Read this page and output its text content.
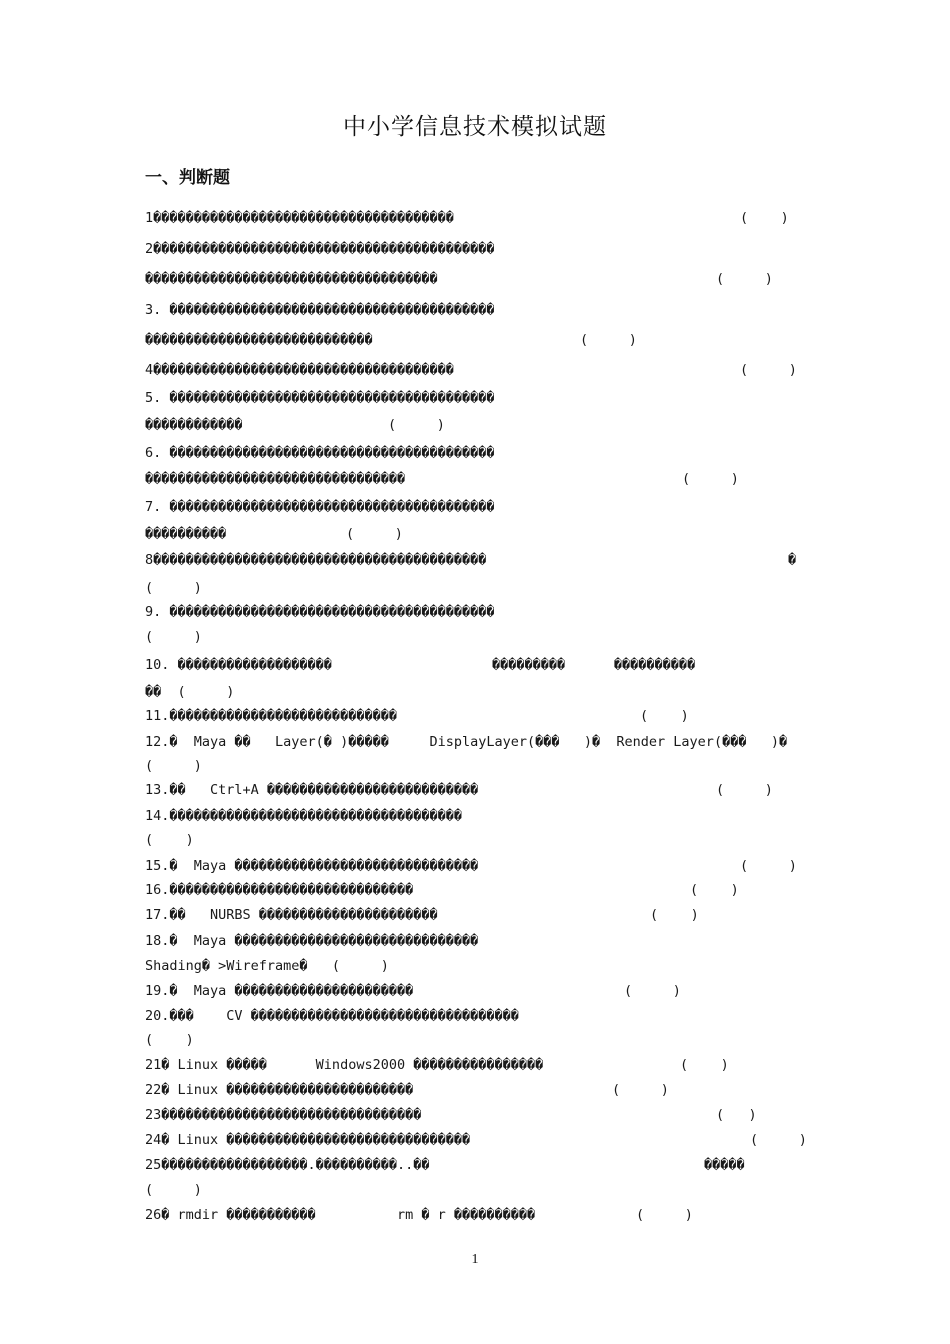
中小学信息技术模拟试题
一、判断题
1�������������������������������������	(    )
2������������������������������������������
������������������������������������	(     )
3. ����������������������������������������
����������������������������	(     )
4�������������������������������������	(     )
5. ����������������������������������������
������������	(     )
6. ����������������������������������������
��������������������������������	(     )
7. ����������������������������������������
����������	(     )
8�����������������������������������������	�
(     )
9. ����������������������������������������
(     )
10. �������������������	���������      ����������
��  (     )
11.����������������������������	(    )
12.�  Maya ��   Layer(� )�����     DisplayLayer(���   )�  Render Layer(���   )�
(     )
13.��   Ctrl+A ��������������������������	(     )
14.������������������������������������
(    )
15.�  Maya ������������������������������	(     )
16.������������������������������	(    )
17.��   NURBS ����������������������	(    )
18.�  Maya ������������������������������
Shading� >Wireframe�   (     )
19.�  Maya ����������������������	(     )
20.���    CV ���������������������������������
(    )
21� Linux �����      Windows2000 ����������������	(    )
22� Linux �����������������������	(     )
23��������������������������������	(   )
24� Linux ������������������������������	(     )
25������������������.����������..��	�����
(     )
26� rmdir �����������          rm � r ����������	(     )
1
